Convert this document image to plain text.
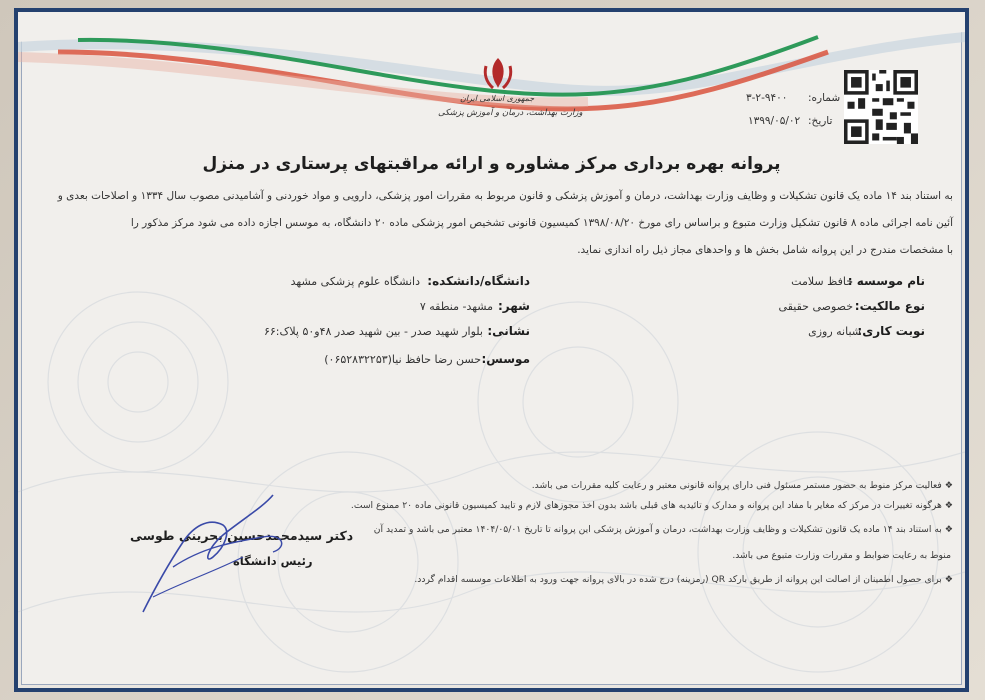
جمهوری اسلامی ایران
وزارت بهداشت، درمان و آموزش پزشکی
شماره:
۳-۲-۹۴۰۰
تاریخ:
۱۳۹۹/۰۵/۰۲
پروانه بهره برداری مرکز مشاوره و ارائه مراقبتهای پرستاری در منزل
به استناد بند ۱۴ ماده یک قانون تشکیلات و وظایف وزارت بهداشت، درمان و آموزش پزشکی و قانون مربوط به مقررات امور پزشکی، دارویی و مواد خوردنی و آشامیدنی مصوب سال ۱۳۳۴ و اصلاحات بعدی و
آئین نامه اجرائی ماده ۸ قانون تشکیل وزارت متبوع و براساس رای مورخ ۱۳۹۸/۰۸/۲۰ کمیسیون قانونی تشخیص امور پزشکی ماده ۲۰ دانشگاه، به موسس اجازه داده می شود مرکز مذکور را
با مشخصات مندرج در این پروانه شامل بخش ها و واحدهای مجاز ذیل راه اندازی نماید.
نام موسسه :
حافظ سلامت
نوع مالکیت:
خصوصی حقیقی
نوبت کاری:
شبانه روزی
دانشگاه/دانشکده:
دانشگاه علوم پزشکی مشهد
شهر:
مشهد- منطقه ۷
نشانی:
بلوار شهید صدر - بین شهید صدر ۴۸و۵۰ پلاک:۶۶
موسس:
حسن رضا حافظ نیا(۰۶۵۲۸۳۲۲۵۳)
❖ فعالیت مرکز منوط به حضور مستمر مسئول فنی دارای پروانه قانونی معتبر و رعایت کلیه مقررات می باشد.
❖ هرگونه تغییرات در مرکز که مغایر با مفاد این پروانه و مدارک و تائیدیه های قبلی باشد بدون اخذ مجوزهای لازم و تایید کمیسیون قانونی ماده ۲۰ ممنوع است.
❖ به استناد بند ۱۴ ماده یک قانون تشکیلات و وظایف وزارت بهداشت، درمان و آموزش پزشکی این پروانه تا تاریخ ۱۴۰۴/۰۵/۰۱ معتبر می باشد و تمدید آن
منوط به رعایت ضوابط و مقررات وزارت متبوع می باشد.
❖ برای حصول اطمینان از اصالت این پروانه از طریق بارکد QR (رمزینه) درج شده در بالای پروانه جهت ورود به اطلاعات موسسه اقدام گردد.
دکتر سیدمحمدحسین بحرینی طوسی
رئیس دانشگاه
